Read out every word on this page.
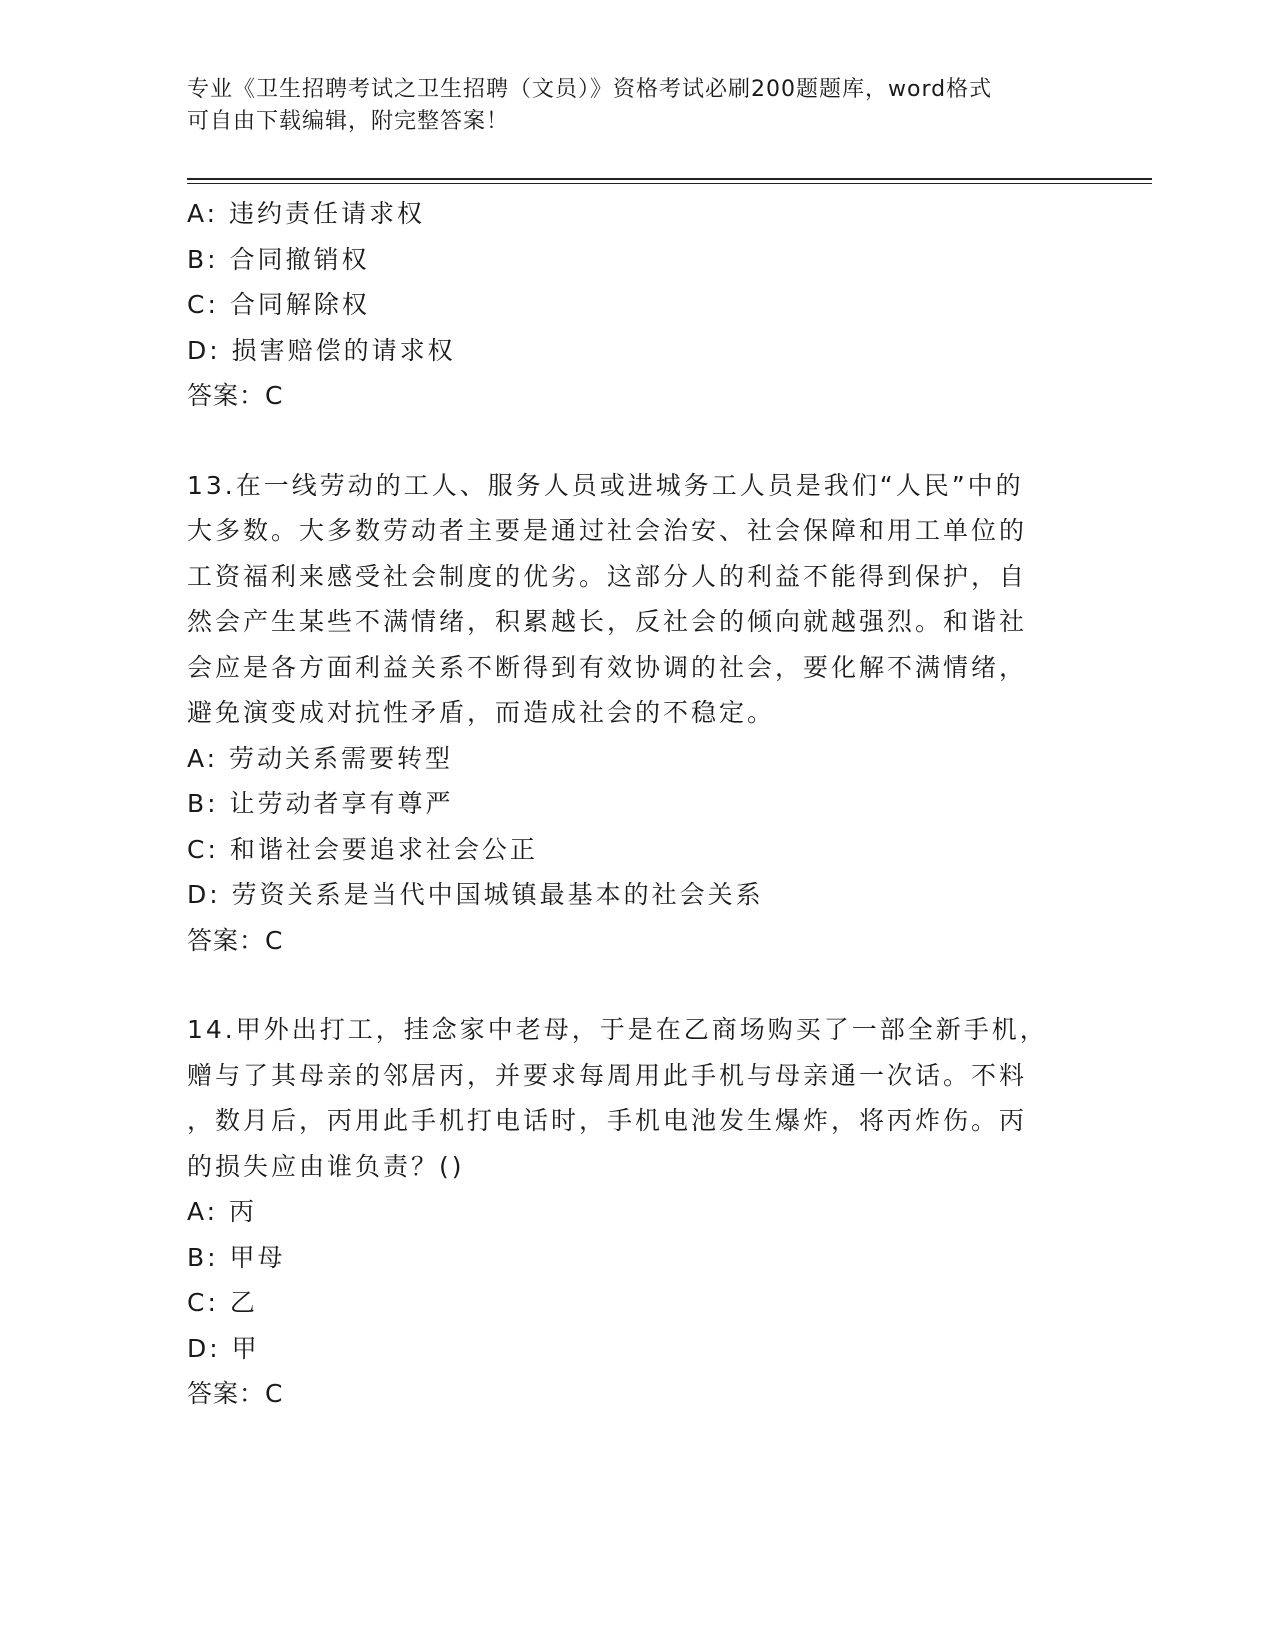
专业《卫生招聘考试之卫生招聘（文员）》资格考试必刷200题题库，word格式
可自由下载编辑，附完整答案！
A: 违约责任请求权
B: 合同撤销权
C: 合同解除权
D: 损害赔偿的请求权
答案：C
13.在一线劳动的工人、服务人员或进城务工人员是我们“人民”中的
大多数。大多数劳动者主要是通过社会治安、社会保障和用工单位的
工资福利来感受社会制度的优劣。这部分人的利益不能得到保护，自
然会产生某些不满情绪，积累越长，反社会的倾向就越强烈。和谐社
会应是各方面利益关系不断得到有效协调的社会，要化解不满情绪，
避免演变成对抗性矛盾，而造成社会的不稳定。
A: 劳动关系需要转型
B: 让劳动者享有尊严
C: 和谐社会要追求社会公正
D: 劳资关系是当代中国城镇最基本的社会关系
答案：C
14.甲外出打工，挂念家中老母，于是在乙商场购买了一部全新手机，
赠与了其母亲的邻居丙，并要求每周用此手机与母亲通一次话。不料
，数月后，丙用此手机打电话时，手机电池发生爆炸，将丙炸伤。丙
的损失应由谁负责？()
A: 丙
B: 甲母
C: 乙
D: 甲
答案：C
